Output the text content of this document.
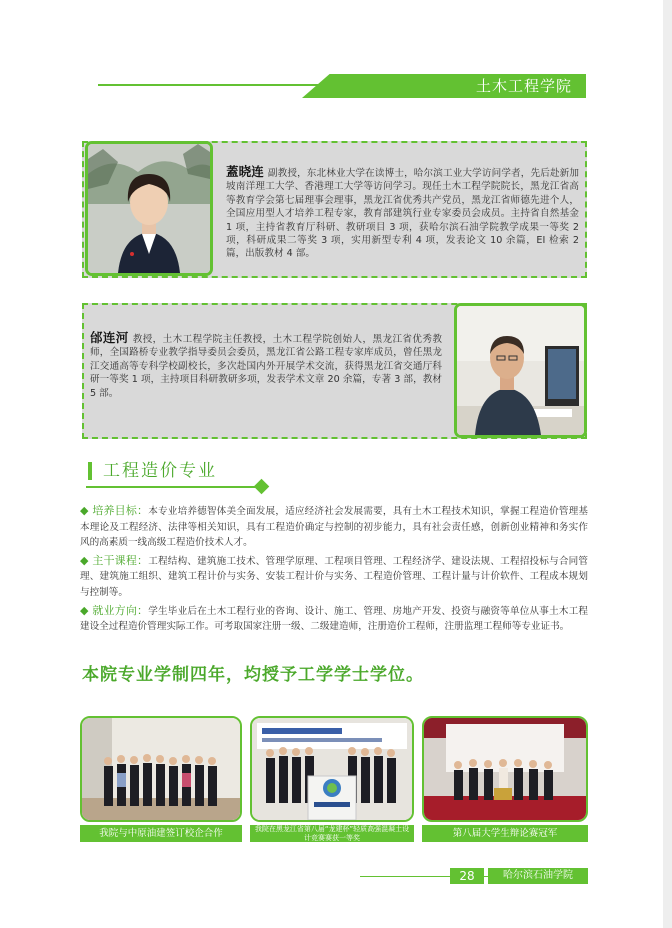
土木工程学院
蓋晓连 副教授，东北林业大学在读博士，哈尔滨工业大学访问学者，先后赴新加坡南洋理工大学、香港理工大学等访问学习。现任土木工程学院院长，黑龙江省高等教育学会第七届理事会理事，黑龙江省优秀共产党员，黑龙江省师德先进个人，全国应用型人才培养工程专家，教育部建筑行业专家委员会成员。主持省自然基金 1 项，主持省教育厅科研、教研项目 3 项，获哈尔滨石油学院教学成果一等奖 2 项，科研成果二等奖 3 项，实用新型专利 4 项，发表论文 10 余篇，EI 检索 2 篇，出版教材 4 部。
邰连河 教授，土木工程学院主任教授，土木工程学院创始人，黑龙江省优秀教师，全国路桥专业教学指导委员会委员，黑龙江省公路工程专家库成员，曾任黑龙江交通高等专科学校副校长，多次赴国内外开展学术交流，获得黑龙江省交通厅科研一等奖 1 项，主持项目科研教研多项，发表学术文章 20 余篇，专著 3 部，教材 5 部。
工程造价专业

◆ 培养目标：本专业培养德智体美全面发展，适应经济社会发展需要，具有土木工程技术知识，掌握工程造价管理基本理论及工程经济、法律等相关知识，具有工程造价确定与控制的初步能力，具有社会责任感，创新创业精神和务实作风的高素质一线高级工程造价技术人才。

◆ 主干课程：工程结构、建筑施工技术、管理学原理、工程项目管理、工程经济学、建设法规、工程招投标与合同管理、建筑施工组织、建筑工程计价与实务、安装工程计价与实务、工程造价管理、工程计量与计价软件、工程成本规划与控制等。

◆ 就业方向：学生毕业后在土木工程行业的咨询、设计、施工、管理、房地产开发、投资与融资等单位从事土木工程建设全过程造价管理实际工作。可考取国家注册一级、二级建造师，注册造价工程师，注册监理工程师等专业证书。

本院专业学制四年，均授予工学学士学位。
我院与中原油建签订校企合作	我院在黑龙江省第八届“龙建杯”轻质高强混凝土设计竞赛赛获一等奖	第八届大学生辩论赛冠军
28	哈尔滨石油学院
